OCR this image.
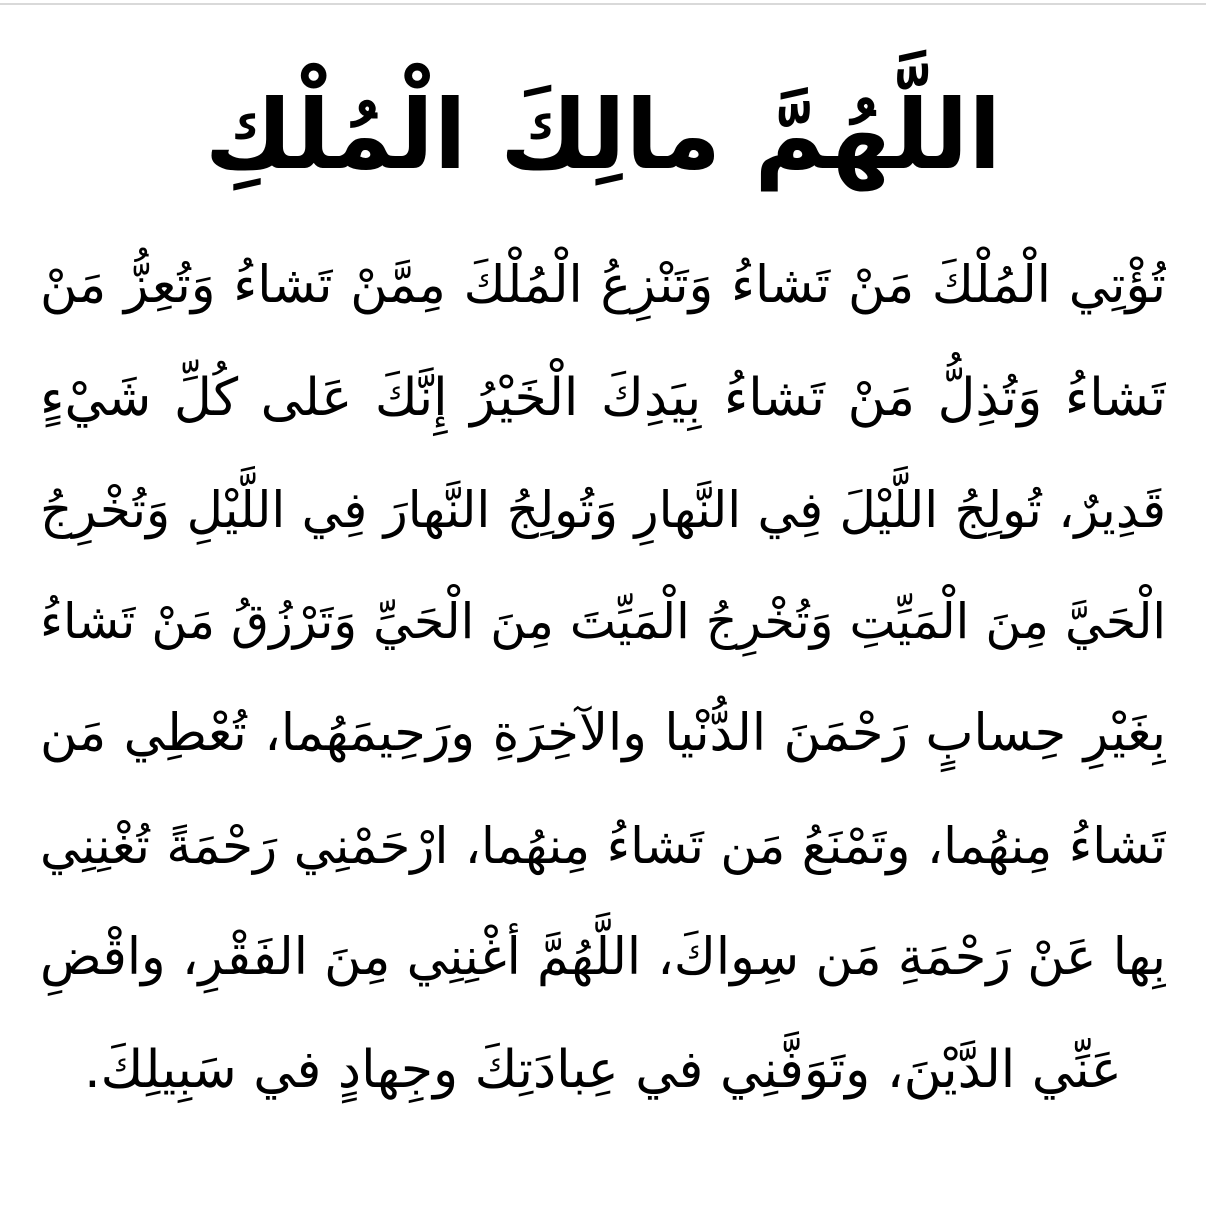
اللَّهُمَّ مالِكَ الْمُلْكِ
تُؤْتِي الْمُلْكَ مَنْ تَشاءُ وَتَنْزِعُ الْمُلْكَ مِمَّنْ تَشاءُ وَتُعِزُّ مَنْ
تَشاءُ وَتُذِلُّ مَنْ تَشاءُ بِيَدِكَ الْخَيْرُ إِنَّكَ عَلى كُلِّ شَيْءٍ
قَدِيرٌ، تُولِجُ اللَّيْلَ فِي النَّهارِ وَتُولِجُ النَّهارَ فِي اللَّيْلِ وَتُخْرِجُ
الْحَيَّ مِنَ الْمَيِّتِ وَتُخْرِجُ الْمَيِّتَ مِنَ الْحَيِّ وَتَرْزُقُ مَنْ تَشاءُ
بِغَيْرِ حِسابٍ رَحْمَنَ الدُّنْيا والآخِرَةِ ورَحِيمَهُما، تُعْطِي مَن
تَشاءُ مِنهُما، وتَمْنَعُ مَن تَشاءُ مِنهُما، ارْحَمْنِي رَحْمَةً تُغْنِنِي
بِها عَنْ رَحْمَةِ مَن سِواكَ، اللَّهُمَّ أغْنِنِي مِنَ الفَقْرِ، واقْضِ
عَنِّي الدَّيْنَ، وتَوَفَّنِي في عِبادَتِكَ وجِهادٍ في سَبِيلِكَ.
